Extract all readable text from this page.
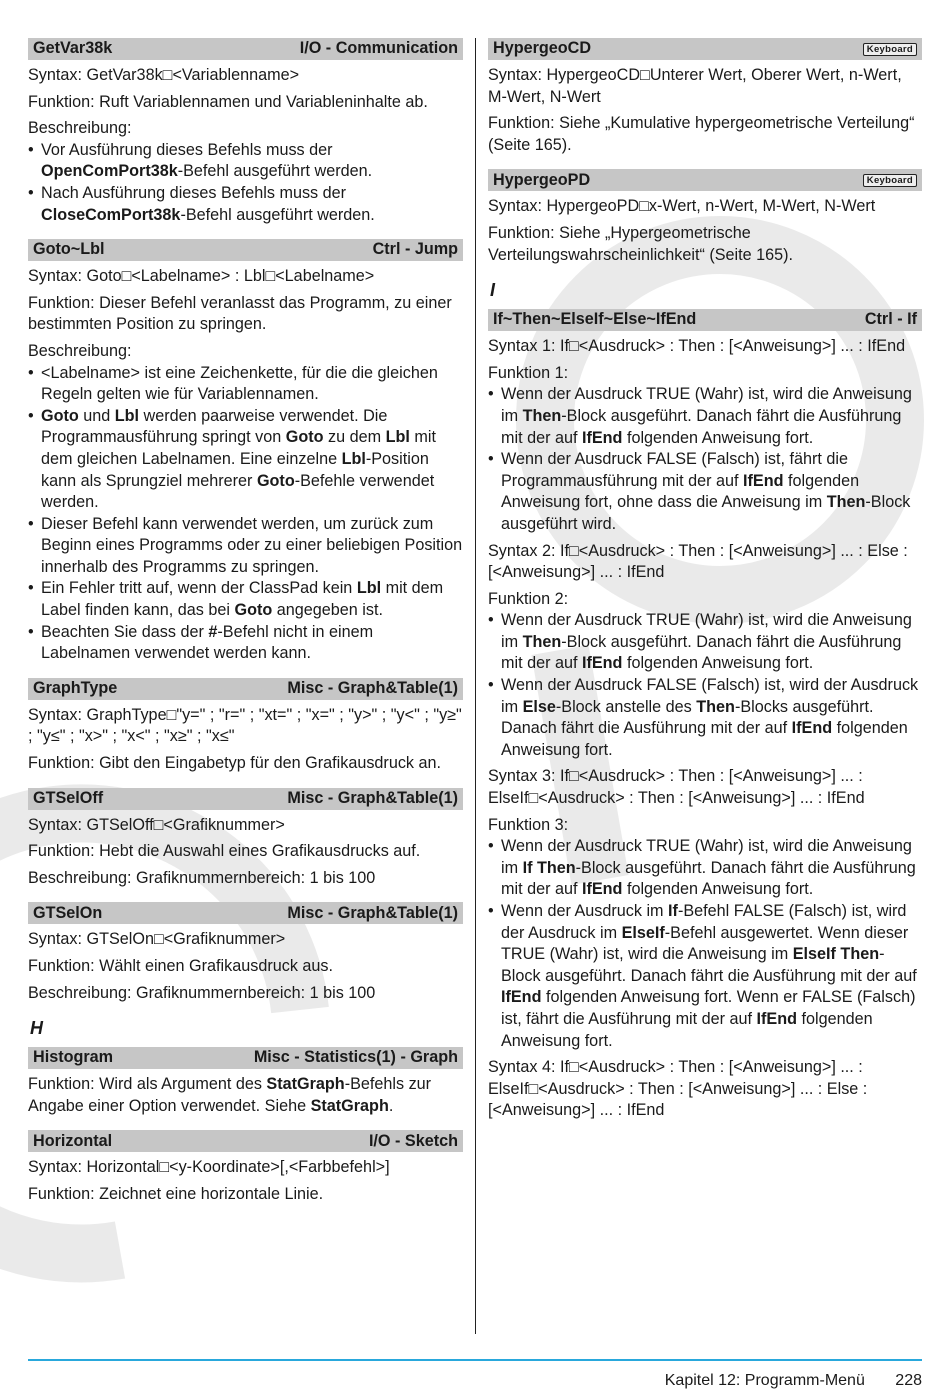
GetVar38k	I/O - Communication

Syntax: GetVar38k□<Variablenname>

Funktion: Ruft Variablennamen und Variableninhalte ab.

Beschreibung:

• Vor Ausführung dieses Befehls muss der OpenComPort38k-Befehl ausgeführt werden.
• Nach Ausführung dieses Befehls muss der CloseComPort38k-Befehl ausgeführt werden.
Goto~Lbl	Ctrl - Jump

Syntax: Goto□<Labelname> : Lbl□<Labelname>

Funktion: Dieser Befehl veranlasst das Programm, zu einer bestimmten Position zu springen.

Beschreibung:

• <Labelname> ist eine Zeichenkette, für die die gleichen Regeln gelten wie für Variablennamen.
• Goto und Lbl werden paarweise verwendet. Die Programmausführung springt von Goto zu dem Lbl mit dem gleichen Labelnamen. Eine einzelne Lbl-Position kann als Sprungziel mehrerer Goto-Befehle verwendet werden.
• Dieser Befehl kann verwendet werden, um zurück zum Beginn eines Programms oder zu einer beliebigen Position innerhalb des Programms zu springen.
• Ein Fehler tritt auf, wenn der ClassPad kein Lbl mit dem Label finden kann, das bei Goto angegeben ist.
• Beachten Sie dass der #-Befehl nicht in einem Labelnamen verwendet werden kann.
GraphType	Misc - Graph&Table(1)

Syntax: GraphType□"y=" ; "r=" ; "xt=" ; "x=" ; "y>" ; "y<" ; "y≥" ; "y≤" ; "x>" ; "x<" ; "x≥" ; "x≤"

Funktion: Gibt den Eingabetyp für den Grafikausdruck an.

GTSelOff	Misc - Graph&Table(1)

Syntax: GTSelOff□<Grafiknummer>

Funktion: Hebt die Auswahl eines Grafikausdrucks auf.

Beschreibung: Grafiknummernbereich: 1 bis 100

GTSelOn	Misc - Graph&Table(1)

Syntax: GTSelOn□<Grafiknummer>

Funktion: Wählt einen Grafikausdruck aus.

Beschreibung: Grafiknummernbereich: 1 bis 100

H
Histogram	Misc - Statistics(1) - Graph

Funktion: Wird als Argument des StatGraph-Befehls zur Angabe einer Option verwendet. Siehe StatGraph.

Horizontal	I/O - Sketch

Syntax: Horizontal□<y-Koordinate>[,<Farbbefehl>]

Funktion: Zeichnet eine horizontale Linie.

HypergeoCD	Keyboard

Syntax: HypergeoCD□Unterer Wert, Oberer Wert, n-Wert, M-Wert, N-Wert

Funktion: Siehe „Kumulative hypergeometrische Verteilung“ (Seite 165).

HypergeoPD	Keyboard

Syntax: HypergeoPD□x-Wert, n-Wert, M-Wert, N-Wert

Funktion: Siehe „Hypergeometrische Verteilungswahrscheinlichkeit“ (Seite 165).

I
If~Then~ElseIf~Else~IfEnd	Ctrl - If

Syntax 1: If□<Ausdruck> : Then : [<Anweisung>] ... : IfEnd

Funktion 1:

• Wenn der Ausdruck TRUE (Wahr) ist, wird die Anweisung im Then-Block ausgeführt. Danach fährt die Ausführung mit der auf IfEnd folgenden Anweisung fort.
• Wenn der Ausdruck FALSE (Falsch) ist, fährt die Programmausführung mit der auf IfEnd folgenden Anweisung fort, ohne dass die Anweisung im Then-Block ausgeführt wird.

Syntax 2: If□<Ausdruck> : Then : [<Anweisung>] ... : Else : [<Anweisung>] ... : IfEnd

Funktion 2:

• Wenn der Ausdruck TRUE (Wahr) ist, wird die Anweisung im Then-Block ausgeführt. Danach fährt die Ausführung mit der auf IfEnd folgenden Anweisung fort.
• Wenn der Ausdruck FALSE (Falsch) ist, wird der Ausdruck im Else-Block anstelle des Then-Blocks ausgeführt. Danach fährt die Ausführung mit der auf IfEnd folgenden Anweisung fort.

Syntax 3: If□<Ausdruck> : Then : [<Anweisung>] ... : ElseIf□<Ausdruck> : Then : [<Anweisung>] ... : IfEnd

Funktion 3:

• Wenn der Ausdruck TRUE (Wahr) ist, wird die Anweisung im If Then-Block ausgeführt. Danach fährt die Ausführung mit der auf IfEnd folgenden Anweisung fort.
• Wenn der Ausdruck im If-Befehl FALSE (Falsch) ist, wird der Ausdruck im ElseIf-Befehl ausgewertet. Wenn dieser TRUE (Wahr) ist, wird die Anweisung im ElseIf Then-Block ausgeführt. Danach fährt die Ausführung mit der auf IfEnd folgenden Anweisung fort. Wenn er FALSE (Falsch) ist, fährt die Ausführung mit der auf IfEnd folgenden Anweisung fort.

Syntax 4: If□<Ausdruck> : Then : [<Anweisung>] ... : ElseIf□<Ausdruck> : Then : [<Anweisung>] ... : Else : [<Anweisung>] ... : IfEnd

Kapitel 12: Programm-Menü 228
